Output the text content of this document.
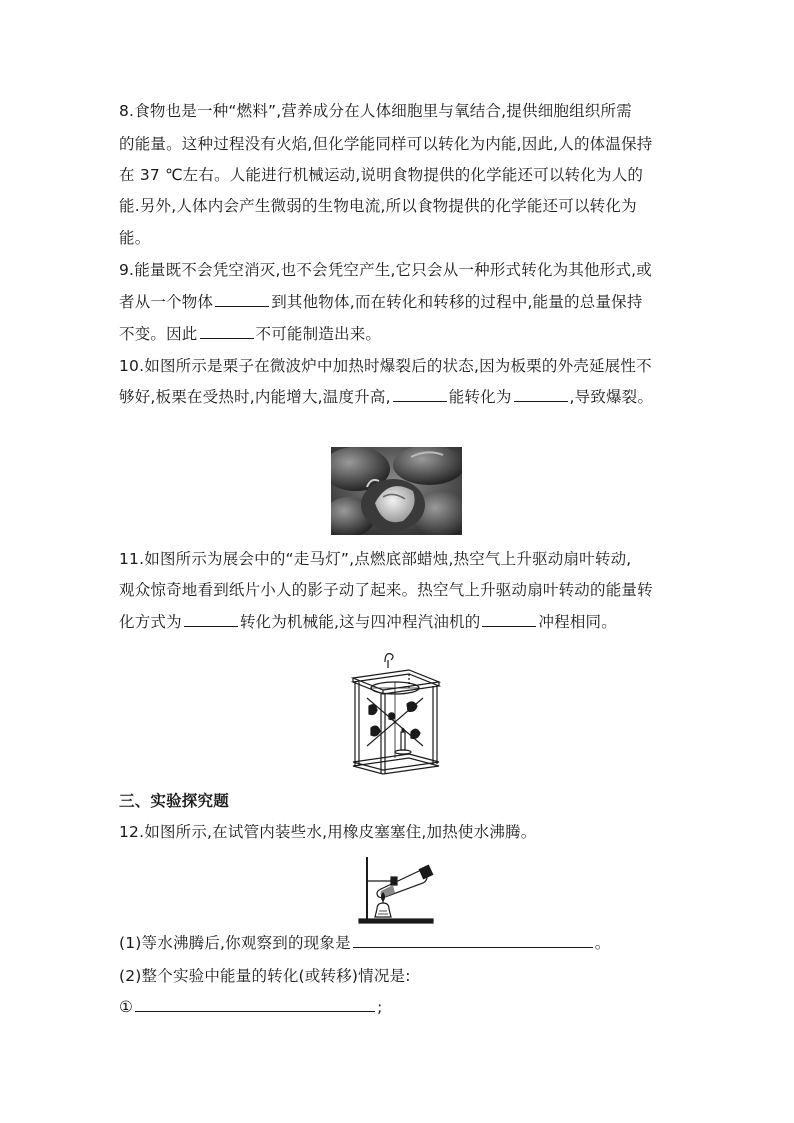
8.食物也是一种“燃料”,营养成分在人体细胞里与氧结合,提供细胞组织所需
的能量。这种过程没有火焰,但化学能同样可以转化为内能,因此,人的体温保持
在 37 ℃左右。人能进行机械运动,说明食物提供的化学能还可以转化为人的
能.另外,人体内会产生微弱的生物电流,所以食物提供的化学能还可以转化为
能。
9.能量既不会凭空消灭,也不会凭空产生,它只会从一种形式转化为其他形式,或
者从一个物体	到其他物体,而在转化和转移的过程中,能量的总量保持
不变。因此	不可能制造出来。
10.如图所示是栗子在微波炉中加热时爆裂后的状态,因为板栗的外壳延展性不
够好,板栗在受热时,内能增大,温度升高,	能转化为	,导致爆裂。
11.如图所示为展会中的“走马灯”,点燃底部蜡烛,热空气上升驱动扇叶转动,
观众惊奇地看到纸片小人的影子动了起来。热空气上升驱动扇叶转动的能量转
化方式为	转化为机械能,这与四冲程汽油机的	冲程相同。
三、实验探究题
12.如图所示,在试管内装些水,用橡皮塞塞住,加热使水沸腾。
(1)等水沸腾后,你观察到的现象是	。
(2)整个实验中能量的转化(或转移)情况是:
①	;
